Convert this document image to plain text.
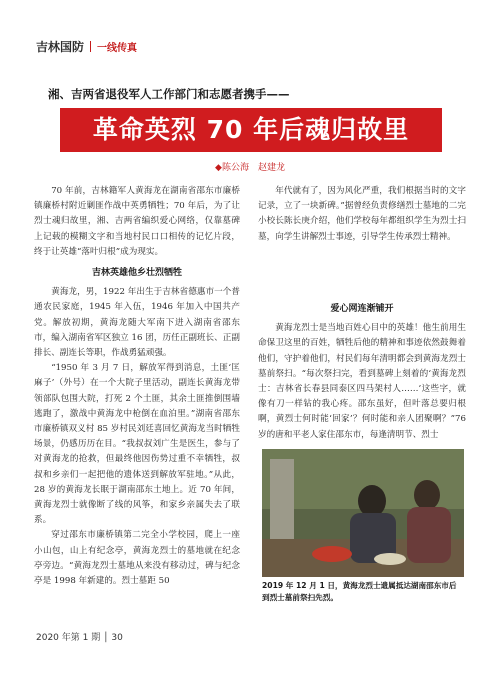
吉林国防 一线传真
湘、吉两省退役军人工作部门和志愿者携手——
革命英烈 70 年后魂归故里
◆陈公海　赵建龙

70 年前，吉林籍军人黄海龙在湖南省邵东市廉桥镇廉桥村附近剿匪作战中英勇牺牲；70 年后，为了让烈士魂归故里，湘、吉两省编织爱心网络，仅靠墓碑上记载的模糊文字和当地村民口口相传的记忆片段，终于让英雄“落叶归根”成为现实。

吉林英雄他乡壮烈牺牲

黄海龙，男，1922 年出生于吉林省德惠市一个普通农民家庭，1945 年入伍，1946 年加入中国共产党。解放初期，黄海龙随大军南下进入湖南省邵东市，编入湖南省军区独立 16 团，历任正副班长、正副排长、副连长等职，作战勇猛顽强。

“1950 年 3 月 7 日，解放军得到消息，土匪‘匡麻子’（外号）在一个大院子里活动，副连长黄海龙带领部队包围大院，打死 2 个土匪，其余土匪推倒围墙逃跑了，激战中黄海龙中枪倒在血泊里。”湖南省邵东市廉桥镇双义村 85 岁村民刘廷喜回忆黄海龙当时牺牲场景，仍感历历在目。“我叔叔刘广生是医生，参与了对黄海龙的抢救，但最终他因伤势过重不幸牺牲，叔叔和乡亲们一起把他的遗体送到解放军驻地。”从此，28 岁的黄海龙长眠于湖南邵东土地上。近 70 年间，黄海龙烈士就像断了线的风筝，和家乡亲属失去了联系。

穿过邵东市廉桥镇第二完全小学校园，爬上一座小山包，山上有纪念亭，黄海龙烈士的墓地就在纪念亭旁边。“黄海龙烈士墓地从来没有移动过，碑与纪念亭是 1998 年新建的。烈士墓距 50

年代就有了，因为风化严重，我们根据当时的文字记录，立了一块新碑。”据曾经负责修缮烈士墓地的二完小校长陈长庚介绍，他们学校每年都组织学生为烈士扫墓，向学生讲解烈士事迹，引导学生传承烈士精神。

爱心网连渐铺开

黄海龙烈士是当地百姓心目中的英雄！他生前用生命保卫这里的百姓，牺牲后他的精神和事迹依然鼓舞着他们，守护着他们，村民们每年清明都会到黄海龙烈士墓前祭扫。“每次祭扫完，看到墓碑上刻着的‘黄海龙烈士：吉林省长春县同泰区四马架村人……’这些字，就像有刀一样钻的我心疼。邵东虽好，但叶落总要归根啊，黄烈士何时能‘回家’？何时能和亲人团聚啊？”76 岁的唐和平老人家住邵东市，每逢清明节、烈士

2019 年 12 月 1 日，黄海龙烈士遗属抵达湖南邵东市后到烈士墓前祭扫先烈。
2020 年第 1 期 │ 30
